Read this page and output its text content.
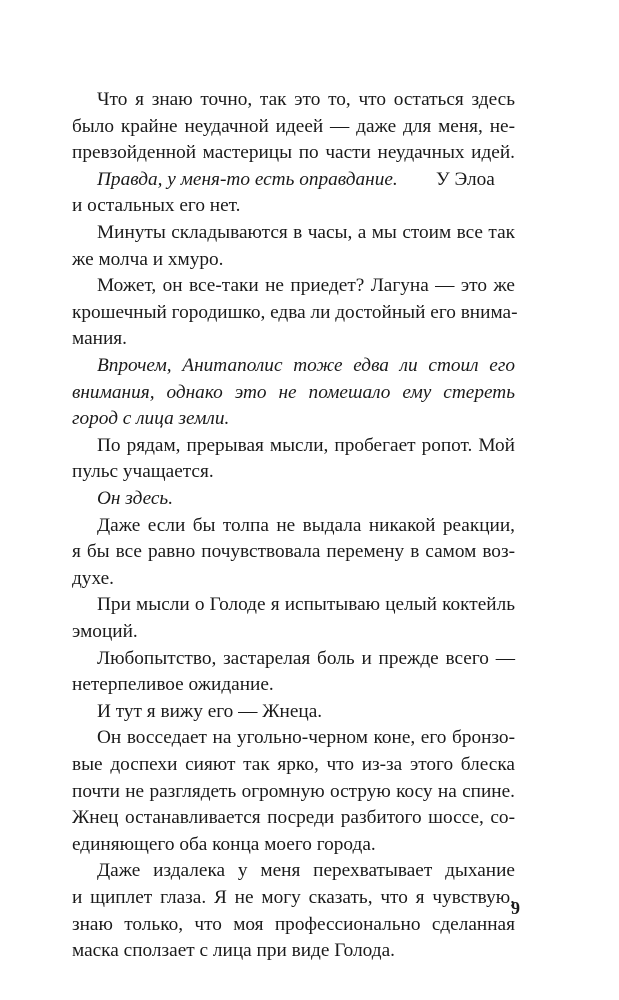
Что я знаю точно, так это то, что остаться здесь
было крайне неудачной идеей — даже для меня, не-
превзойденной мастерицы по части неудачных идей.
Правда, у меня-то есть оправдание.	У Элоа
и остальных его нет.
Минуты складываются в часы, а мы стоим все так
же молча и хмуро.
Может, он все-таки не приедет? Лагуна — это же
крошечный городишко, едва ли достойный его внима-
мания.
Впрочем, Анитаполис тоже едва ли стоил его
внимания, однако это не помешало ему стереть
город с лица земли.
По рядам, прерывая мысли, пробегает ропот. Мой
пульс учащается.
Он здесь.
Даже если бы толпа не выдала никакой реакции,
я бы все равно почувствовала перемену в самом воз-
духе.
При мысли о Голоде я испытываю целый коктейль
эмоций.
Любопытство, застарелая боль и прежде всего —
нетерпеливое ожидание.
И тут я вижу его — Жнеца.
Он восседает на угольно-черном коне, его бронзо-
вые доспехи сияют так ярко, что из-за этого блеска
почти не разглядеть огромную острую косу на спине.
Жнец останавливается посреди разбитого шоссе, со-
единяющего оба конца моего города.
Даже издалека у меня перехватывает дыхание
и щиплет глаза. Я не могу сказать, что я чувствую,
знаю только, что моя профессионально сделанная
маска сползает с лица при виде Голода.
9
